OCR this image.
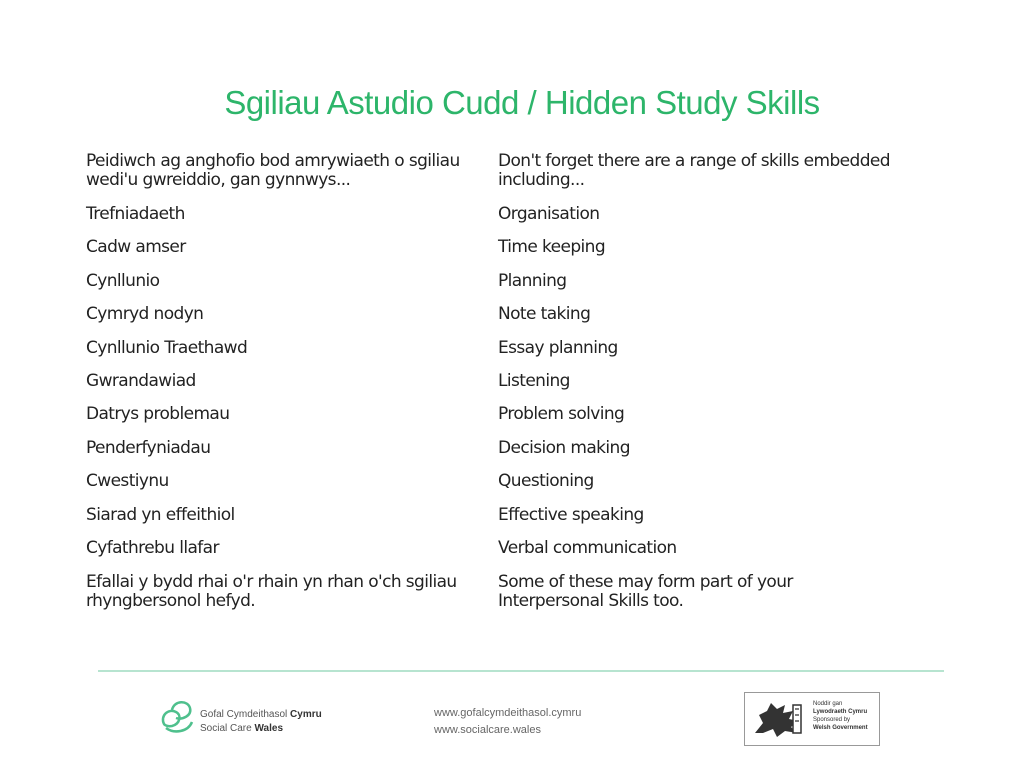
Sgiliau Astudio Cudd / Hidden Study Skills
Peidiwch ag anghofio bod amrywiaeth o sgiliau wedi'u gwreiddio, gan gynnwys...
Trefniadaeth
Cadw amser
Cynllunio
Cymryd nodyn
Cynllunio Traethawd
Gwrandawiad
Datrys problemau
Penderfyniadau
Cwestiynu
Siarad yn effeithiol
Cyfathrebu llafar
Efallai y bydd rhai o'r rhain yn rhan o'ch sgiliau rhyngbersonol hefyd.
Don't forget there are a range of skills embedded including...
Organisation
Time keeping
Planning
Note taking
Essay planning
Listening
Problem solving
Decision making
Questioning
Effective speaking
Verbal communication
Some of these may form part of your Interpersonal Skills too.
Gofal Cymdeithasol Cymru
Social Care Wales
www.gofalcymdeithasol.cymru
www.socialcare.wales
Noddir gan
Lywodraeth Cymru
Sponsored by
Welsh Government
